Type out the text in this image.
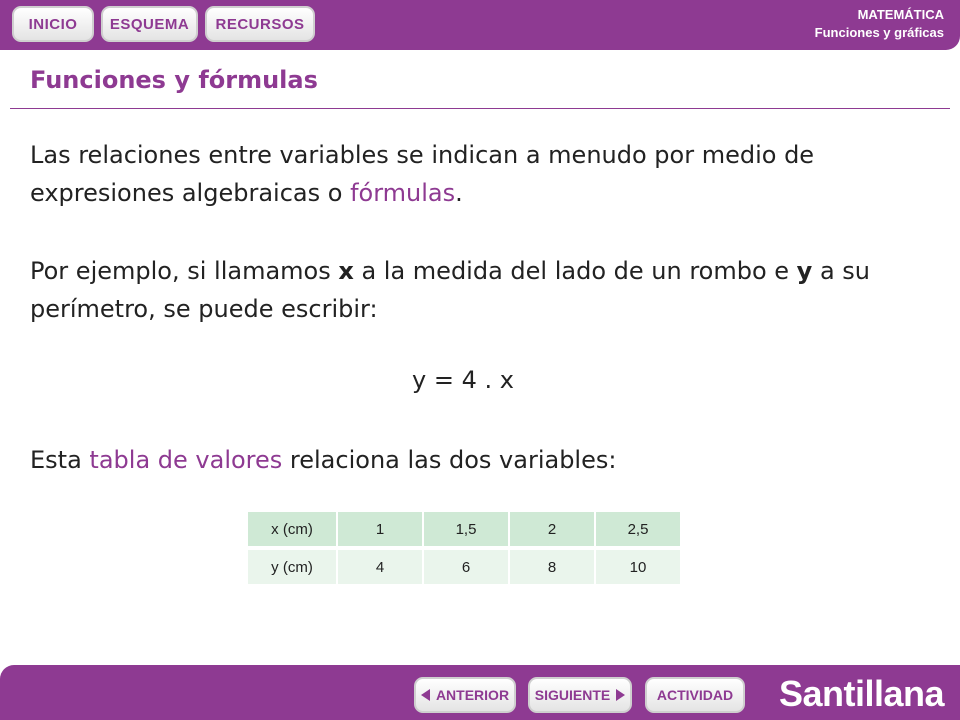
INICIO	ESQUEMA	RECURSOS
MATEMÁTICA
Funciones y gráficas
Funciones y fórmulas
Las relaciones entre variables se indican a menudo por medio de expresiones algebraicas o fórmulas.
Por ejemplo, si llamamos x a la medida del lado de un rombo e y a su perímetro, se puede escribir:
y = 4 . x
Esta tabla de valores relaciona las dos variables:
x (cm)	1	1,5	2	2,5
y (cm)	4	6	8	10
ANTERIOR SIGUIENTE	ACTIVIDAD	Santillana
